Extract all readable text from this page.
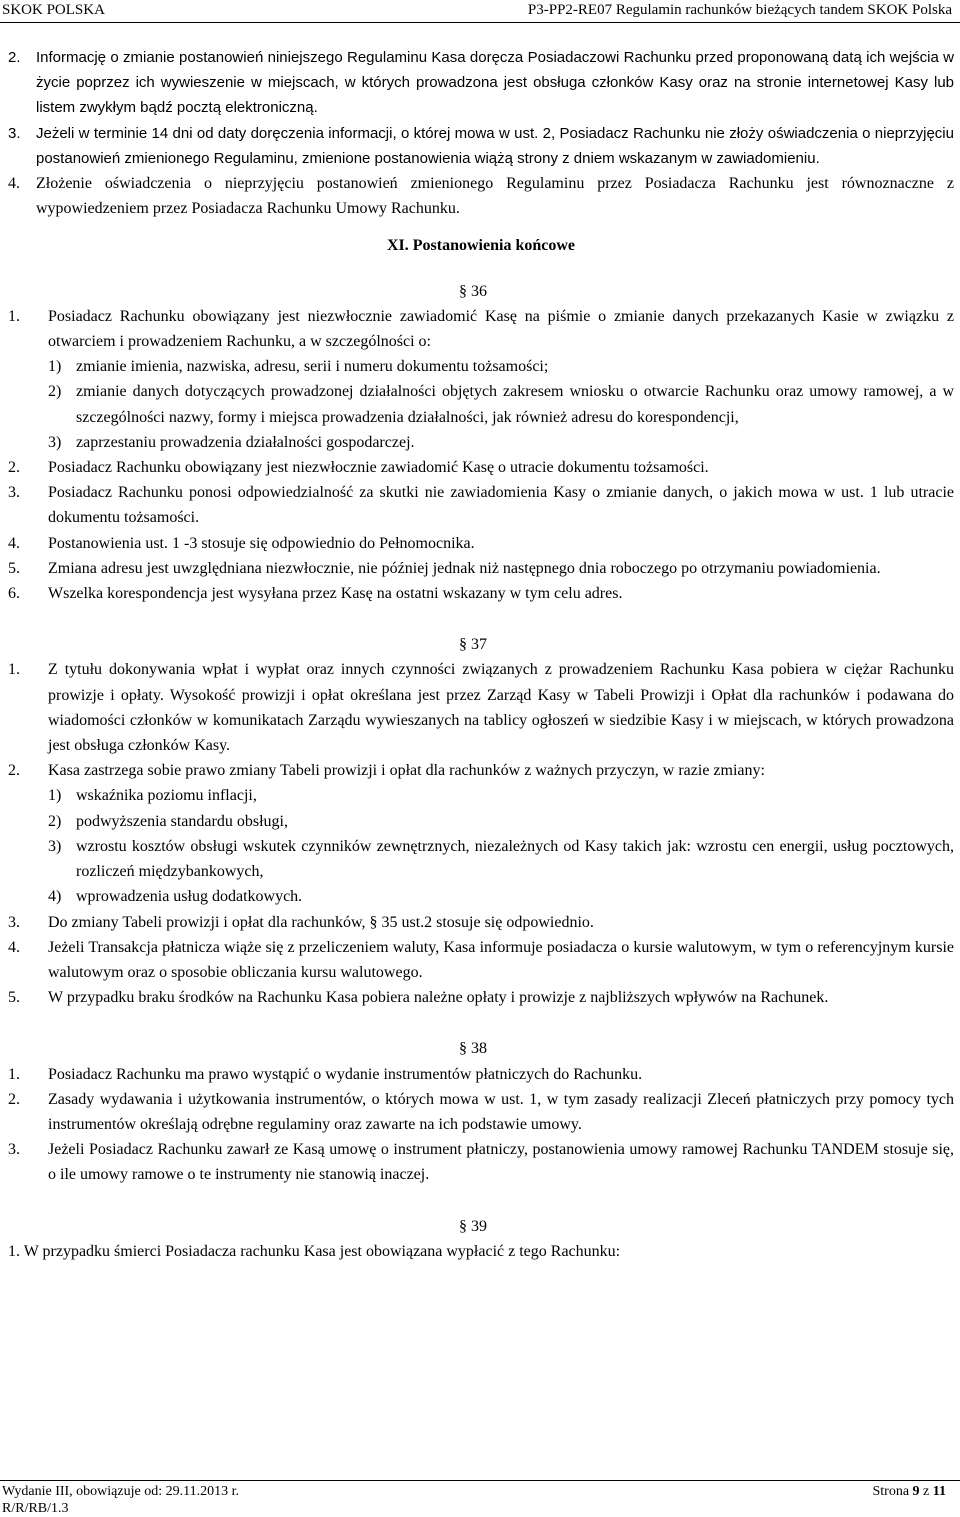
SKOK POLSKA	P3-PP2-RE07 Regulamin rachunków bieżących tandem SKOK Polska
2. Informację o zmianie postanowień niniejszego Regulaminu Kasa doręcza Posiadaczowi Rachunku przed proponowaną datą ich wejścia w życie poprzez ich wywieszenie w miejscach, w których prowadzona jest obsługa członków Kasy oraz na stronie internetowej Kasy lub listem zwykłym bądź pocztą elektroniczną.
3. Jeżeli w terminie 14 dni od daty doręczenia informacji, o której mowa w ust. 2, Posiadacz Rachunku nie złoży oświadczenia o nieprzyjęciu postanowień zmienionego Regulaminu, zmienione postanowienia wiążą strony z dniem wskazanym w zawiadomieniu.
4. Złożenie oświadczenia o nieprzyjęciu postanowień zmienionego Regulaminu przez Posiadacza Rachunku jest równoznaczne z wypowiedzeniem przez Posiadacza Rachunku Umowy Rachunku.
XI. Postanowienia końcowe
§ 36
1. Posiadacz Rachunku obowiązany jest niezwłocznie zawiadomić Kasę na piśmie o zmianie danych przekazanych Kasie w związku z otwarciem i prowadzeniem Rachunku, a w szczególności o:
1) zmianie imienia, nazwiska, adresu, serii i numeru dokumentu tożsamości;
2) zmianie danych dotyczących prowadzonej działalności objętych zakresem wniosku o otwarcie Rachunku oraz umowy ramowej, a w szczególności nazwy, formy i miejsca prowadzenia działalności, jak również adresu do korespondencji,
3) zaprzestaniu prowadzenia działalności gospodarczej.
2. Posiadacz Rachunku obowiązany jest niezwłocznie zawiadomić Kasę o utracie dokumentu tożsamości.
3. Posiadacz Rachunku ponosi odpowiedzialność za skutki nie zawiadomienia Kasy o zmianie danych, o jakich mowa w ust. 1 lub utracie dokumentu tożsamości.
4. Postanowienia ust. 1 -3 stosuje się odpowiednio do Pełnomocnika.
5. Zmiana adresu jest uwzględniana niezwłocznie, nie później jednak niż następnego dnia roboczego po otrzymaniu powiadomienia.
6. Wszelka korespondencja jest wysyłana przez Kasę na ostatni wskazany w tym celu adres.
§ 37
1. Z tytułu dokonywania wpłat i wypłat oraz innych czynności związanych z prowadzeniem Rachunku Kasa pobiera w ciężar Rachunku prowizje i opłaty. Wysokość prowizji i opłat określana jest przez Zarząd Kasy w Tabeli Prowizji i Opłat dla rachunków i podawana do wiadomości członków w komunikatach Zarządu wywieszanych na tablicy ogłoszeń w siedzibie Kasy i w miejscach, w których prowadzona jest obsługa członków Kasy.
2. Kasa zastrzega sobie prawo zmiany Tabeli prowizji i opłat dla rachunków z ważnych przyczyn, w razie zmiany:
1) wskaźnika poziomu inflacji,
2) podwyższenia standardu obsługi,
3) wzrostu kosztów obsługi wskutek czynników zewnętrznych, niezależnych od Kasy takich jak: wzrostu cen energii, usług pocztowych, rozliczeń międzybankowych,
4) wprowadzenia usług dodatkowych.
3. Do zmiany Tabeli prowizji i opłat dla rachunków, § 35 ust.2 stosuje się odpowiednio.
4. Jeżeli Transakcja płatnicza wiąże się z przeliczeniem waluty, Kasa informuje posiadacza o kursie walutowym, w tym o referencyjnym kursie walutowym oraz o sposobie obliczania kursu walutowego.
5. W przypadku braku środków na Rachunku Kasa pobiera należne opłaty i prowizje z najbliższych wpływów na Rachunek.
§ 38
1. Posiadacz Rachunku ma prawo wystąpić o wydanie instrumentów płatniczych do Rachunku.
2. Zasady wydawania i użytkowania instrumentów, o których mowa w ust. 1, w tym zasady realizacji Zleceń płatniczych przy pomocy tych instrumentów określają odrębne regulaminy oraz zawarte na ich podstawie umowy.
3. Jeżeli Posiadacz Rachunku zawarł ze Kasą umowę o instrument płatniczy, postanowienia umowy ramowej Rachunku TANDEM stosuje się, o ile umowy ramowe o te instrumenty nie stanowią inaczej.
§ 39
1. W przypadku śmierci Posiadacza rachunku Kasa jest obowiązana wypłacić z tego Rachunku:
Wydanie III, obowiązuje od: 29.11.2013 r.
R/R/RB/1.3
Strona 9 z 11
